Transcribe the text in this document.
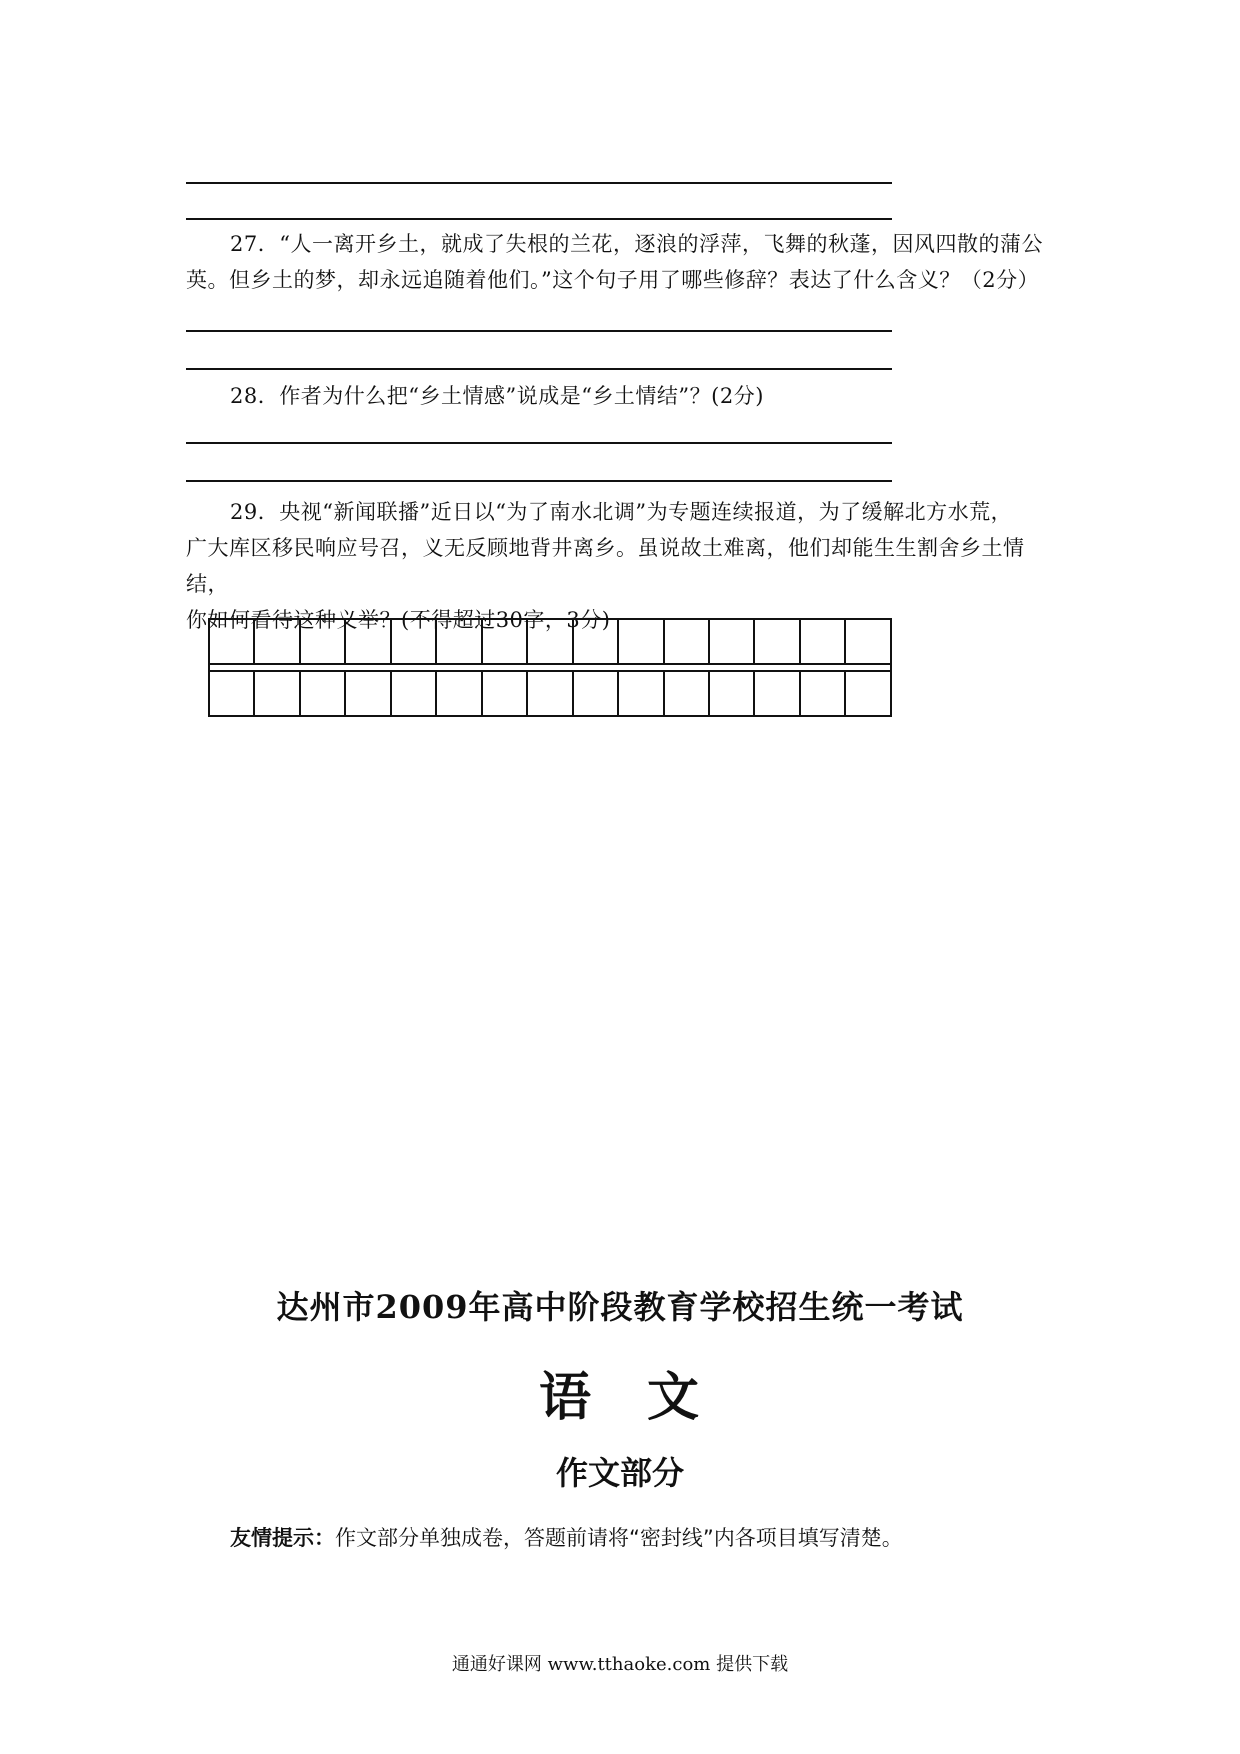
27．“人一离开乡土，就成了失根的兰花，逐浪的浮萍，飞舞的秋蓬，因风四散的蒲公

英。但乡土的梦，却永远追随着他们。”这个句子用了哪些修辞？表达了什么含义？（2分）

28．作者为什么把“乡土情感”说成是“乡土情结”？(2分)

29．央视“新闻联播”近日以“为了南水北调”为专题连续报道，为了缓解北方水荒，

广大库区移民响应号召，义无反顾地背井离乡。虽说故土难离，他们却能生生割舍乡土情结，

你如何看待这种义举？(不得超过30字，3分)

达州市2009年高中阶段教育学校招生统一考试
语　文
作文部分
友情提示：作文部分单独成卷，答题前请将“密封线”内各项目填写清楚。
通通好课网 www.tthaoke.com 提供下载
